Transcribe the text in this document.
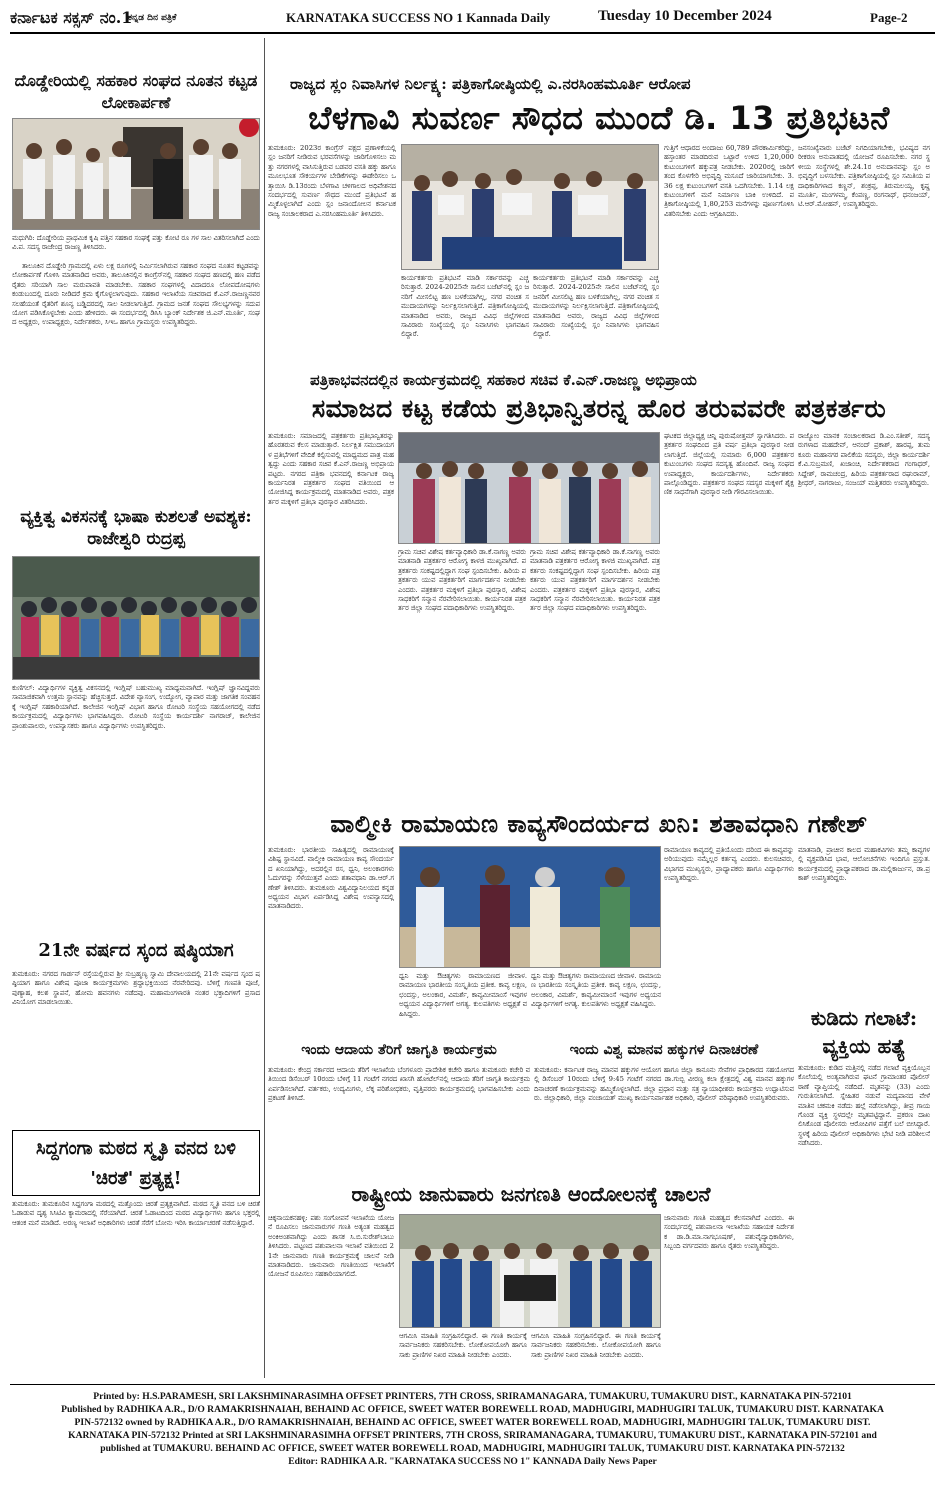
ಕರ್ನಾಟಕ ಸಕ್ಸಸ್ ನಂ.1
ಕನ್ನಡ ದಿನ ಪತ್ರಿಕೆ	KARNATAKA SUCCESS NO 1 Kannada Daily	Tuesday 10 December 2024	Page-2
ದೊಡ್ಡೇರಿಯಲ್ಲಿ ಸಹಕಾರ ಸಂಘದ ನೂತನ ಕಟ್ಟಡ ಲೋಕಾರ್ಪಣೆ
ಮಧುಗಿರಿ: ದೊಡ್ಡೇರಿಯ ಪ್ರಾಥಮಿಕ ಕೃಷಿ ಪತ್ತಿನ ಸಹಕಾರ ಸಂಘಕ್ಕೆ ಪತ್ತು ಕೋಟಿ ರೂ ಗಳ ಸಾಲ ವಿತರಿಸಲಾಗಿದೆ ಎಂದು ವಿ.ಪ. ಸದಸ್ಯ ರಾಜೇಂದ್ರ ರಾಜಣ್ಣ ತಿಳಿಸಿದರು.
ತಾಲೂಕಿನ ದೊಡ್ಡೇರಿ ಗ್ರಾಮದಲ್ಲಿ ಏಳು ಲಕ್ಷ ರೂಗಳಲ್ಲಿ ನಿರ್ಮಿಸಲಾಗಿರುವ ಸಹಕಾರ ಸಂಘದ ನೂತನ ಕಟ್ಟಡವನ್ನು ಲೋಕಾರ್ಪಣೆ ಗೊಳಿಸಿ ಮಾತನಾಡಿದ ಅವರು, ತಾಲೂಕಿನಲ್ಲಿನ ಕಾಂಗ್ರೆಸ್‌ನಲ್ಲಿ ಸಹಕಾರ ಸಂಘದ ಹಣದಲ್ಲಿ ಹಣ ಪಡೆದ ರೈತರು ಸರಿಯಾಗಿ ಸಾಲ ಮರುಪಾವತಿ ಮಾಡಬೇಕು. ಸಹಕಾರ ಸಂಘಗಳಲ್ಲಿ ವಿದಾದರೂ ಲೋಪದೋಷಗಳು ಕಂಡುಬಂದಲ್ಲಿ ದೂರು ನೀಡಿದರೆ ಕ್ರಮ ಕೈಗೊಳ್ಳಲಾಗುವುದು. ಸಹಕಾರ ಇಲಾಖೆಯ ಸಚಿವರಾದ ಕೆ.ಎನ್.ರಾಜಣ್ಣನವರ ಸಲಹೆಯಂತೆ ರೈತರಿಗೆ ಶೂನ್ಯ ಬಡ್ಡಿದರದಲ್ಲಿ ಸಾಲ ನೀಡಲಾಗುತ್ತಿದೆ. ಗ್ರಾಮದ ಜನತೆ ಸಂಘದ ಸೌಲಭ್ಯಗಳನ್ನು ಸದುಪಯೋಗ ಪಡಿಸಿಕೊಳ್ಳಬೇಕು ಎಂದು ಹೇಳಿದರು. ಈ ಸಂದರ್ಭದಲ್ಲಿ ಡಿಸಿಸಿ ಬ್ಯಾಂಕ್ ನಿರ್ದೇಶಕ ಜಿ.ಎನ್.ಮೂರ್ತಿ, ಸಂಘದ ಅಧ್ಯಕ್ಷರು, ಉಪಾಧ್ಯಕ್ಷರು, ನಿರ್ದೇಶಕರು, ಸಿಇಒ ಹಾಗೂ ಗ್ರಾಮಸ್ಥರು ಉಪಸ್ಥಿತರಿದ್ದರು.
ವ್ಯಕ್ತಿತ್ವ ವಿಕಸನಕ್ಕೆ ಭಾಷಾ ಕುಶಲತೆ ಅವಶ್ಯಕ: ರಾಜೇಶ್ವರಿ ರುದ್ರಪ್ಪ
ಕುಣಿಗಲ್: ವಿದ್ಯಾರ್ಥಿಗಳ ವ್ಯಕ್ತಿತ್ವ ವಿಕಸನದಲ್ಲಿ ಇಂಗ್ಲಿಷ್ ಬಹುಮುಖ್ಯ ಮಾಧ್ಯಮವಾಗಿದೆ. ಇಂಗ್ಲಿಷ್ ಜ್ಞಾನವಿದ್ದವರು ಸಾಮಾಜಿಕವಾಗಿ ಉತ್ತಮ ಸ್ಥಾನವನ್ನು ಹೆಚ್ಚಿಸುತ್ತದೆ. ವಿದೇಶ ವ್ಯಾಸಂಗ, ಉದ್ಯೋಗ, ವ್ಯಾಪಾರ ಮತ್ತು ಜಾಗತಿಕ ಸಂವಹನಕ್ಕೆ ಇಂಗ್ಲಿಷ್ ಸಹಕಾರಿಯಾಗಿದೆ. ಕಾಲೇಜಿನ ಇಂಗ್ಲಿಷ್ ವಿಭಾಗ ಹಾಗೂ ರೋಟರಿ ಸಂಸ್ಥೆಯ ಸಹಯೋಗದಲ್ಲಿ ನಡೆದ ಕಾರ್ಯಕ್ರಮದಲ್ಲಿ ವಿದ್ಯಾರ್ಥಿಗಳು ಭಾಗವಹಿಸಿದ್ದರು. ರೋಟರಿ ಸಂಸ್ಥೆಯ ಕಾರ್ಯದರ್ಶಿ ನಾಗರಾಜ್, ಕಾಲೇಜಿನ ಪ್ರಾಂಶುಪಾಲರು, ಉಪನ್ಯಾಸಕರು ಹಾಗೂ ವಿದ್ಯಾರ್ಥಿಗಳು ಉಪಸ್ಥಿತರಿದ್ದರು.
21ನೇ ವರ್ಷದ ಸ್ಕಂದ ಷಷ್ಠಿಯಾಗ
ತುಮಕೂರು: ನಗರದ ಗಾರ್ಡನ್ ರಸ್ತೆಯಲ್ಲಿರುವ ಶ್ರೀ ಸುಬ್ರಹ್ಮಣ್ಯ ಸ್ವಾಮಿ ದೇವಾಲಯದಲ್ಲಿ 21ನೇ ವರ್ಷದ ಸ್ಕಂದ ಷಷ್ಠಿಯಾಗ ಹಾಗೂ ವಿಶೇಷ ಪೂಜಾ ಕಾರ್ಯಕ್ರಮಗಳು ಶ್ರದ್ಧಾಭಕ್ತಿಯಿಂದ ನೆರವೇರಿದವು. ಬೆಳಿಗ್ಗೆ ಗಣಪತಿ ಪೂಜೆ, ಪುಣ್ಯಾಹ, ಕಲಶ ಸ್ಥಾಪನೆ, ಹೋಮ ಹವನಗಳು ನಡೆದವು. ಮಹಾಮಂಗಳಾರತಿ ನಂತರ ಭಕ್ತಾದಿಗಳಿಗೆ ಪ್ರಸಾದ ವಿನಿಯೋಗ ಮಾಡಲಾಯಿತು.
ಸಿದ್ದಗಂಗಾ ಮಠದ ಸ್ಮೃತಿ ವನದ ಬಳಿ 'ಚಿರತೆ' ಪ್ರತ್ಯಕ್ಷ!
ತುಮಕೂರು: ತುಮಕೂರಿನ ಸಿದ್ದಗಂಗಾ ಮಠದಲ್ಲಿ ಮತ್ತೊಂದು ಚಿರತೆ ಪ್ರತ್ಯಕ್ಷವಾಗಿದೆ. ಮಠದ ಸ್ಮೃತಿ ವನದ ಬಳಿ ಚಿರತೆ ಓಡಾಡುವ ದೃಶ್ಯ ಸಿಸಿಟಿವಿ ಕ್ಯಾಮರಾದಲ್ಲಿ ಸೆರೆಯಾಗಿದೆ. ಚಿರತೆ ಓಡಾಟದಿಂದ ಮಠದ ವಿದ್ಯಾರ್ಥಿಗಳು ಹಾಗೂ ಭಕ್ತರಲ್ಲಿ ಆತಂಕ ಮನೆ ಮಾಡಿದೆ. ಅರಣ್ಯ ಇಲಾಖೆ ಅಧಿಕಾರಿಗಳು ಚಿರತೆ ಸೆರೆಗೆ ಬೋನು ಇರಿಸಿ ಕಾರ್ಯಾಚರಣೆ ನಡೆಸುತ್ತಿದ್ದಾರೆ.
ರಾಜ್ಯದ ಸ್ಲಂ ನಿವಾಸಿಗಳ ನಿರ್ಲಕ್ಷ್ಯ: ಪತ್ರಿಕಾಗೋಷ್ಠಿಯಲ್ಲಿ ಎ.ನರಸಿಂಹಮೂರ್ತಿ ಆರೋಪ
ಬೆಳಗಾವಿ ಸುವರ್ಣ ಸೌಧದ ಮುಂದೆ ಡಿ. 13 ಪ್ರತಿಭಟನೆ
ತುಮಕೂರು: 2023ರ ಕಾಂಗ್ರೆಸ್ ಪಕ್ಷದ ಪ್ರಣಾಳಿಕೆಯಲ್ಲಿ ಸ್ಲಂ ಜನರಿಗೆ ನೀಡಿರುವ ಭರವಸೆಗಳನ್ನು ಜಾರಿಗೊಳಿಸಲು ಮತ್ತು ನಗರಗಳಲ್ಲಿ ವಾಸಿಸುತ್ತಿರುವ ಬಡವರ ವಸತಿ ಹಕ್ಕು ಹಾಗೂ ಮೂಲಭೂತ ಸೌಕರ್ಯಗಳ ಬೇಡಿಕೆಗಳನ್ನು ಈಡೇರಿಸಲು ಒತ್ತಾಯಿಸಿ ಡಿ.13ರಂದು ಬೆಳಗಾವಿ ಚಳಿಗಾಲದ ಅಧಿವೇಶನದ ಸಂದರ್ಭದಲ್ಲಿ ಸುವರ್ಣ ಸೌಧದ ಮುಂದೆ ಪ್ರತಿಭಟನೆ ಹಮ್ಮಿಕೊಳ್ಳಲಾಗಿದೆ ಎಂದು ಸ್ಲಂ ಜನಾಂದೋಲನ ಕರ್ನಾಟಕ ರಾಜ್ಯ ಸಂಚಾಲಕರಾದ ಎ.ನರಸಿಂಹಮೂರ್ತಿ ತಿಳಿಸಿದರು.
ಕಾರ್ಯಕರ್ತರು ಪ್ರತಿಭಟನೆ ಮಾಡಿ ಸರ್ಕಾರವನ್ನು ಎಚ್ಚರಿಸುತ್ತಾರೆ. 2024-2025ನೇ ಸಾಲಿನ ಬಜೆಟ್‌ನಲ್ಲಿ ಸ್ಲಂ ಜನರಿಗೆ ಮೀಸಲಿಟ್ಟ ಹಣ ಬಳಕೆಯಾಗಿಲ್ಲ, ನಗರ ವಂಚಿತ ಸಮುದಾಯಗಳನ್ನು ನಿರ್ಲಕ್ಷಿಸಲಾಗುತ್ತಿದೆ. ಪತ್ರಿಕಾಗೋಷ್ಠಿಯಲ್ಲಿ ಮಾತನಾಡಿದ ಅವರು, ರಾಜ್ಯದ ವಿವಿಧ ಜಿಲ್ಲೆಗಳಿಂದ ಸಾವಿರಾರು ಸಂಖ್ಯೆಯಲ್ಲಿ ಸ್ಲಂ ನಿವಾಸಿಗಳು ಭಾಗವಹಿಸಲಿದ್ದಾರೆ.
ಕಾರ್ಯಕರ್ತರು ಪ್ರತಿಭಟನೆ ಮಾಡಿ ಸರ್ಕಾರವನ್ನು ಎಚ್ಚರಿಸುತ್ತಾರೆ. 2024-2025ನೇ ಸಾಲಿನ ಬಜೆಟ್‌ನಲ್ಲಿ ಸ್ಲಂ ಜನರಿಗೆ ಮೀಸಲಿಟ್ಟ ಹಣ ಬಳಕೆಯಾಗಿಲ್ಲ, ನಗರ ವಂಚಿತ ಸಮುದಾಯಗಳನ್ನು ನಿರ್ಲಕ್ಷಿಸಲಾಗುತ್ತಿದೆ. ಪತ್ರಿಕಾಗೋಷ್ಠಿಯಲ್ಲಿ ಮಾತನಾಡಿದ ಅವರು, ರಾಜ್ಯದ ವಿವಿಧ ಜಿಲ್ಲೆಗಳಿಂದ ಸಾವಿರಾರು ಸಂಖ್ಯೆಯಲ್ಲಿ ಸ್ಲಂ ನಿವಾಸಿಗಳು ಭಾಗವಹಿಸಲಿದ್ದಾರೆ.
ಗುತ್ತಿಗೆ ಆಧಾರದ ಅಂದಾಜು 60,789 ಪೌರಕಾರ್ಮಿಕರಿದ್ದು, ಹಸ್ತಾಂತರ ಮಾಡದಿರುವ ಒಟ್ಟಾರೆ ಉಳಿದ 1,20,000 ಕುಟುಂಬಗಳಿಗೆ ಹಕ್ಕುಪತ್ರ ನೀಡಬೇಕು. 2020ರಲ್ಲಿ ಜಾರಿಗೆ ತಂದ ಕೊಳಗೇರಿ ಅಭಿವೃದ್ಧಿ ಮಸೂದೆ ಜಾರಿಯಾಗಬೇಕು. 3.36 ಲಕ್ಷ ಕುಟುಂಬಗಳಿಗೆ ವಸತಿ ಒದಗಿಸಬೇಕು. 1.14 ಲಕ್ಷ ಕುಟುಂಬಗಳಿಗೆ ಮನೆ ನಿರ್ಮಾಣ ಬಾಕಿ ಉಳಿದಿದೆ. ಪತ್ರಿಕಾಗೋಷ್ಠಿಯಲ್ಲಿ 1,80,253 ಮನೆಗಳನ್ನು ಪೂರ್ಣಗೊಳಿಸಿ ವಿತರಿಸಬೇಕು ಎಂದು ಆಗ್ರಹಿಸಿದರು.
ಜನಸಂಖ್ಯೆವಾರು ಬಜೆಟ್ ನಿಗದಿಯಾಗಬೇಕು, ಭವಿಷ್ಯದ ನಗರೀಕರಣ ಅನುಪಾತದಲ್ಲಿ ಯೋಜನೆ ರೂಪಿಸಬೇಕು. ನಗರ ಸ್ಥಳೀಯ ಸಂಸ್ಥೆಗಳಲ್ಲಿ ಶೇ.24.1ರ ಅನುದಾನವನ್ನು ಸ್ಲಂ ಅಭಿವೃದ್ಧಿಗೆ ಬಳಸಬೇಕು. ಪತ್ರಿಕಾಗೋಷ್ಠಿಯಲ್ಲಿ ಸ್ಲಂ ಸಮಿತಿಯ ಪದಾಧಿಕಾರಿಗಳಾದ ಕಣ್ಣನ್, ಶಂಕ್ರಪ್ಪ, ತಿರುಮಲಯ್ಯ, ಕೃಷ್ಣಮೂರ್ತಿ, ಮಂಗಳಮ್ಮ, ಕೆಂಪಣ್ಣ, ರಂಗನಾಥ್, ಧನಂಜಯ್, ಟಿ.ಆರ್.ಮೋಹನ್, ಉಪಸ್ಥಿತರಿದ್ದರು.
ಪತ್ರಿಕಾಭವನದಲ್ಲಿನ ಕಾರ್ಯಕ್ರಮದಲ್ಲಿ ಸಹಕಾರ ಸಚಿವ ಕೆ.ಎನ್.ರಾಜಣ್ಣ ಅಭಿಪ್ರಾಯ
ಸಮಾಜದ ಕಟ್ಟ ಕಡೆಯ ಪ್ರತಿಭಾನ್ವಿತರನ್ನ ಹೊರ ತರುವವರೇ ಪತ್ರಕರ್ತರು
ತುಮಕೂರು: ಸಮಾಜದಲ್ಲಿ ಪತ್ರಕರ್ತರು ಪ್ರತಿಭಾನ್ವಿತರನ್ನು ಹೊರತರುವ ಕೆಲಸ ಮಾಡುತ್ತಾರೆ. ನಿರ್ಲಕ್ಷಿತ ಸಮುದಾಯಗಳ ಪ್ರತಿಭೆಗಳಿಗೆ ವೇದಿಕೆ ಕಲ್ಪಿಸುವಲ್ಲಿ ಮಾಧ್ಯಮದ ಪಾತ್ರ ಮಹತ್ವದ್ದು ಎಂದು ಸಹಕಾರ ಸಚಿವ ಕೆ.ಎನ್.ರಾಜಣ್ಣ ಅಭಿಪ್ರಾಯಪಟ್ಟರು. ನಗರದ ಪತ್ರಿಕಾ ಭವನದಲ್ಲಿ ಕರ್ನಾಟಕ ರಾಜ್ಯ ಕಾರ್ಯನಿರತ ಪತ್ರಕರ್ತರ ಸಂಘದ ವತಿಯಿಂದ ಆಯೋಜಿಸಿದ್ದ ಕಾರ್ಯಕ್ರಮದಲ್ಲಿ ಮಾತನಾಡಿದ ಅವರು, ಪತ್ರಕರ್ತರ ಮಕ್ಕಳಿಗೆ ಪ್ರತಿಭಾ ಪುರಸ್ಕಾರ ವಿತರಿಸಿದರು.
ಗ್ರಾಮ ಸಚಿವ ವಿಶೇಷ ಕರ್ತವ್ಯಾಧಿಕಾರಿ ಡಾ.ಕೆ.ನಾಗಣ್ಣ ಅವರು ಮಾತನಾಡಿ ಪತ್ರಕರ್ತರ ಆರೋಗ್ಯ ಕಾಳಜಿ ಮುಖ್ಯವಾಗಿದೆ. ಪತ್ರಕರ್ತರು ಸಂಕಷ್ಟದಲ್ಲಿದ್ದಾಗ ಸಂಘ ಸ್ಪಂದಿಸಬೇಕು. ಹಿರಿಯ ಪತ್ರಕರ್ತರು ಯುವ ಪತ್ರಕರ್ತರಿಗೆ ಮಾರ್ಗದರ್ಶನ ನೀಡಬೇಕು ಎಂದರು. ಪತ್ರಕರ್ತರ ಮಕ್ಕಳಿಗೆ ಪ್ರತಿಭಾ ಪುರಸ್ಕಾರ, ವಿಶೇಷ ಸಾಧಕರಿಗೆ ಸನ್ಮಾನ ನೆರವೇರಿಸಲಾಯಿತು. ಕಾರ್ಯನಿರತ ಪತ್ರಕರ್ತರ ಜಿಲ್ಲಾ ಸಂಘದ ಪದಾಧಿಕಾರಿಗಳು ಉಪಸ್ಥಿತರಿದ್ದರು.
ಗ್ರಾಮ ಸಚಿವ ವಿಶೇಷ ಕರ್ತವ್ಯಾಧಿಕಾರಿ ಡಾ.ಕೆ.ನಾಗಣ್ಣ ಅವರು ಮಾತನಾಡಿ ಪತ್ರಕರ್ತರ ಆರೋಗ್ಯ ಕಾಳಜಿ ಮುಖ್ಯವಾಗಿದೆ. ಪತ್ರಕರ್ತರು ಸಂಕಷ್ಟದಲ್ಲಿದ್ದಾಗ ಸಂಘ ಸ್ಪಂದಿಸಬೇಕು. ಹಿರಿಯ ಪತ್ರಕರ್ತರು ಯುವ ಪತ್ರಕರ್ತರಿಗೆ ಮಾರ್ಗದರ್ಶನ ನೀಡಬೇಕು ಎಂದರು. ಪತ್ರಕರ್ತರ ಮಕ್ಕಳಿಗೆ ಪ್ರತಿಭಾ ಪುರಸ್ಕಾರ, ವಿಶೇಷ ಸಾಧಕರಿಗೆ ಸನ್ಮಾನ ನೆರವೇರಿಸಲಾಯಿತು. ಕಾರ್ಯನಿರತ ಪತ್ರಕರ್ತರ ಜಿಲ್ಲಾ ಸಂಘದ ಪದಾಧಿಕಾರಿಗಳು ಉಪಸ್ಥಿತರಿದ್ದರು.
ಘಟಕದ ಜಿಲ್ಲಾಧ್ಯಕ್ಷ ಚಿನ್ನಿ ಪುರುಷೋತ್ತಮ್ ಸ್ವಾಗತಿಸಿದರು. ಪತ್ರಕರ್ತರ ಸಂಘದಿಂದ ಪ್ರತಿ ವರ್ಷ ಪ್ರತಿಭಾ ಪುರಸ್ಕಾರ ನೀಡಲಾಗುತ್ತಿದೆ. ಜಿಲ್ಲೆಯಲ್ಲಿ ಸುಮಾರು 6,000 ಪತ್ರಕರ್ತರ ಕುಟುಂಬಗಳು ಸಂಘದ ಸದಸ್ಯತ್ವ ಹೊಂದಿವೆ. ರಾಜ್ಯ ಸಂಘದ ಉಪಾಧ್ಯಕ್ಷರು, ಕಾರ್ಯದರ್ಶಿಗಳು, ನಿರ್ದೇಶಕರು ಪಾಲ್ಗೊಂಡಿದ್ದರು. ಪತ್ರಕರ್ತರ ಸಂಘದ ಸದಸ್ಯರ ಮಕ್ಕಳಿಗೆ ಶೈಕ್ಷಣಿಕ ಸಾಧನೆಗಾಗಿ ಪುರಸ್ಕಾರ ನೀಡಿ ಗೌರವಿಸಲಾಯಿತು.
ರಾಜ್ಯೋಂ ಮಾನಕ ಸಂಚಾಲಕರಾದ ಡಿ.ಎಂ.ಸತೀಶ್, ಸದಸ್ಯರುಗಳಾದ ಮಹದೇವ್, ಆನಂದ್ ಪ್ರಕಾಶ್, ಹಾರಪ್ಪ, ತುಮಕೂರು ಮಹಾನಗರ ಪಾಲಿಕೆಯ ಸದಸ್ಯರು, ಜಿಲ್ಲಾ ಕಾರ್ಯದರ್ಶಿ ಕೆ.ವಿ.ಸುಬ್ರಮಣಿ, ಖಜಾಂಚಿ, ನಿರ್ದೇಶಕರಾದ ಗಂಗಾಧರ್, ಸಿದ್ದೇಶ್, ರಾಮಚಂದ್ರ, ಹಿರಿಯ ಪತ್ರಕರ್ತರಾದ ರಘುರಾಮ್, ಶ್ರೀಧರ್, ನಾಗರಾಜು, ಸಂಜಯ್ ಮತ್ತಿತರರು ಉಪಸ್ಥಿತರಿದ್ದರು.
ವಾಲ್ಮೀಕಿ ರಾಮಾಯಣ ಕಾವ್ಯಸೌಂದರ್ಯದ ಖನಿ: ಶತಾವಧಾನಿ ಗಣೇಶ್
ತುಮಕೂರು: ಭಾರತೀಯ ಸಾಹಿತ್ಯದಲ್ಲಿ ರಾಮಾಯಣಕ್ಕೆ ವಿಶಿಷ್ಟ ಸ್ಥಾನವಿದೆ. ವಾಲ್ಮೀಕಿ ರಾಮಾಯಣ ಕಾವ್ಯ ಸೌಂದರ್ಯದ ಖನಿಯಾಗಿದ್ದು, ಅದರಲ್ಲಿನ ರಸ, ಧ್ವನಿ, ಅಲಂಕಾರಗಳು ಓದುಗರನ್ನು ಸೆಳೆಯುತ್ತವೆ ಎಂದು ಶತಾವಧಾನಿ ಡಾ.ಆರ್.ಗಣೇಶ್ ತಿಳಿಸಿದರು. ತುಮಕೂರು ವಿಶ್ವವಿದ್ಯಾನಿಲಯದ ಕನ್ನಡ ಅಧ್ಯಯನ ವಿಭಾಗ ಏರ್ಪಡಿಸಿದ್ದ ವಿಶೇಷ ಉಪನ್ಯಾಸದಲ್ಲಿ ಮಾತನಾಡಿದರು.
ಧ್ವನಿ ಮತ್ತು ಔಚಿತ್ಯಗಳು ರಾಮಾಯಣದ ಜೀವಾಳ. ರಾಮಾಯಣ ಭಾರತೀಯ ಸಂಸ್ಕೃತಿಯ ಪ್ರತೀಕ. ಕಾವ್ಯ ಲಕ್ಷಣ, ಛಂದಸ್ಸು, ಅಲಂಕಾರ, ವಿಮರ್ಶೆ, ಕಾವ್ಯಮೀಮಾಂಸೆ ಇವುಗಳ ಅಧ್ಯಯನ ವಿದ್ಯಾರ್ಥಿಗಳಿಗೆ ಅಗತ್ಯ. ಕುಲಪತಿಗಳು ಅಧ್ಯಕ್ಷತೆ ವಹಿಸಿದ್ದರು.
ಧ್ವನಿ ಮತ್ತು ಔಚಿತ್ಯಗಳು ರಾಮಾಯಣದ ಜೀವಾಳ. ರಾಮಾಯಣ ಭಾರತೀಯ ಸಂಸ್ಕೃತಿಯ ಪ್ರತೀಕ. ಕಾವ್ಯ ಲಕ್ಷಣ, ಛಂದಸ್ಸು, ಅಲಂಕಾರ, ವಿಮರ್ಶೆ, ಕಾವ್ಯಮೀಮಾಂಸೆ ಇವುಗಳ ಅಧ್ಯಯನ ವಿದ್ಯಾರ್ಥಿಗಳಿಗೆ ಅಗತ್ಯ. ಕುಲಪತಿಗಳು ಅಧ್ಯಕ್ಷತೆ ವಹಿಸಿದ್ದರು.
ರಾಮಾಯಣ ಕಾವ್ಯದಲ್ಲಿ ಪ್ರತಿಯೊಂದು ದರಿಂದ ಈ ಕಾವ್ಯವನ್ನು ಅರಿಯುವುದು ನಮ್ಮೆಲ್ಲರ ಕರ್ತವ್ಯ ಎಂದರು. ಕುಲಸಚಿವರು, ವಿಭಾಗದ ಮುಖ್ಯಸ್ಥರು, ಪ್ರಾಧ್ಯಾಪಕರು ಹಾಗೂ ವಿದ್ಯಾರ್ಥಿಗಳು ಉಪಸ್ಥಿತರಿದ್ದರು.
ಮಾತನಾಡಿ, ಪ್ರಾಚೀನ ಕಾಲದ ಮಹಾಕವಿಗಳು ತಮ್ಮ ಕಾವ್ಯಗಳಲ್ಲಿ ವ್ಯಕ್ತಪಡಿಸಿದ ಭಾವ, ಆಲೋಚನೆಗಳು ಇಂದಿಗೂ ಪ್ರಸ್ತುತ. ಕಾರ್ಯಕ್ರಮದಲ್ಲಿ ಪ್ರಾಧ್ಯಾಪಕರಾದ ಡಾ.ಮಲ್ಲಿಕಾರ್ಜುನ, ಡಾ.ಪ್ರಕಾಶ್ ಉಪಸ್ಥಿತರಿದ್ದರು.
ಇಂದು ಆದಾಯ ತೆರಿಗೆ ಜಾಗೃತಿ ಕಾರ್ಯಕ್ರಮ
ತುಮಕೂರು: ಕೇಂದ್ರ ಸರ್ಕಾರದ ಆದಾಯ ತೆರಿಗೆ ಇಲಾಖೆಯ ಬೆಂಗಳೂರು ಪ್ರಾದೇಶಿಕ ಕಚೇರಿ ಹಾಗೂ ತುಮಕೂರು ಕಚೇರಿ ವತಿಯಿಂದ ಡಿಸೆಂಬರ್ 10ರಂದು ಬೆಳಿಗ್ಗೆ 11 ಗಂಟೆಗೆ ನಗರದ ಖಾಸಗಿ ಹೋಟೆಲ್‌ನಲ್ಲಿ ಆದಾಯ ತೆರಿಗೆ ಜಾಗೃತಿ ಕಾರ್ಯಕ್ರಮ ಏರ್ಪಡಿಸಲಾಗಿದೆ. ವರ್ತಕರು, ಉದ್ಯಮಿಗಳು, ಲೆಕ್ಕ ಪರಿಶೋಧಕರು, ವೃತ್ತಿಪರರು ಕಾರ್ಯಕ್ರಮದಲ್ಲಿ ಭಾಗವಹಿಸಬೇಕು ಎಂದು ಪ್ರಕಟಣೆ ತಿಳಿಸಿದೆ.
ಇಂದು ವಿಶ್ವ ಮಾನವ ಹಕ್ಕುಗಳ ದಿನಾಚರಣೆ
ತುಮಕೂರು: ಕರ್ನಾಟಕ ರಾಜ್ಯ ಮಾನವ ಹಕ್ಕುಗಳ ಆಯೋಗ ಹಾಗೂ ಜಿಲ್ಲಾ ಕಾನೂನು ಸೇವೆಗಳ ಪ್ರಾಧಿಕಾರದ ಸಹಯೋಗದಲ್ಲಿ ಡಿಸೆಂಬರ್ 10ರಂದು ಬೆಳಿಗ್ಗೆ 9:45 ಗಂಟೆಗೆ ನಗರದ ಡಾ.ಗುಬ್ಬಿ ವೀರಣ್ಣ ಕಲಾ ಕ್ಷೇತ್ರದಲ್ಲಿ ವಿಶ್ವ ಮಾನವ ಹಕ್ಕುಗಳ ದಿನಾಚರಣೆ ಕಾರ್ಯಕ್ರಮವನ್ನು ಹಮ್ಮಿಕೊಳ್ಳಲಾಗಿದೆ. ಜಿಲ್ಲಾ ಪ್ರಧಾನ ಮತ್ತು ಸತ್ರ ನ್ಯಾಯಾಧೀಶರು ಕಾರ್ಯಕ್ರಮ ಉದ್ಘಾಟಿಸುವರು. ಜಿಲ್ಲಾಧಿಕಾರಿ, ಜಿಲ್ಲಾ ಪಂಚಾಯತ್ ಮುಖ್ಯ ಕಾರ್ಯನಿರ್ವಾಹಕ ಅಧಿಕಾರಿ, ಪೊಲೀಸ್ ವರಿಷ್ಠಾಧಿಕಾರಿ ಉಪಸ್ಥಿತರಿರುವರು.
ಕುಡಿದು ಗಲಾಟೆ: ವ್ಯಕ್ತಿಯ ಹತ್ಯೆ
ತುಮಕೂರು: ಕುಡಿದ ಮತ್ತಿನಲ್ಲಿ ನಡೆದ ಗಲಾಟೆ ವ್ಯಕ್ತಿಯೊಬ್ಬನ ಕೊಲೆಯಲ್ಲಿ ಅಂತ್ಯವಾಗಿರುವ ಘಟನೆ ಗ್ರಾಮಾಂತರ ಪೊಲೀಸ್ ಠಾಣೆ ವ್ಯಾಪ್ತಿಯಲ್ಲಿ ನಡೆದಿದೆ. ಮೃತನನ್ನು (33) ಎಂದು ಗುರುತಿಸಲಾಗಿದೆ. ಸ್ನೇಹಿತರ ನಡುವೆ ಮದ್ಯಪಾನದ ವೇಳೆ ಮಾತಿನ ಚಕಮಕಿ ನಡೆದು ಹಲ್ಲೆ ನಡೆಸಲಾಗಿದ್ದು, ತೀವ್ರ ಗಾಯಗೊಂಡ ವ್ಯಕ್ತಿ ಸ್ಥಳದಲ್ಲೇ ಮೃತಪಟ್ಟಿದ್ದಾನೆ. ಪ್ರಕರಣ ದಾಖಲಿಸಿಕೊಂಡ ಪೊಲೀಸರು ಆರೋಪಿಗಳ ಪತ್ತೆಗೆ ಬಲೆ ಬೀಸಿದ್ದಾರೆ. ಸ್ಥಳಕ್ಕೆ ಹಿರಿಯ ಪೊಲೀಸ್ ಅಧಿಕಾರಿಗಳು ಭೇಟಿ ನೀಡಿ ಪರಿಶೀಲನೆ ನಡೆಸಿದರು.
ರಾಷ್ಟ್ರೀಯ ಜಾನುವಾರು ಜನಗಣತಿ ಆಂದೋಲನಕ್ಕೆ ಚಾಲನೆ
ಚಿಕ್ಕನಾಯಕನಹಳ್ಳಿ: ಪಶು ಸಂಗೋಪನೆ ಇಲಾಖೆಯ ಯೋಜನೆ ರೂಪಿಸಲು ಜಾನುವಾರುಗಳ ಗಣತಿ ಅತ್ಯಂತ ಮಹತ್ವದ ಅಂಕಿಅಂಶವಾಗಿದ್ದು ಎಂದು ಶಾಸಕ ಸಿ.ಬಿ.ಸುರೇಶ್‌ಬಾಬು ತಿಳಿಸಿದರು. ಪಟ್ಟಣದ ಪಶುಪಾಲನಾ ಇಲಾಖೆ ವತಿಯಿಂದ 21ನೇ ಜಾನುವಾರು ಗಣತಿ ಕಾರ್ಯಕ್ರಮಕ್ಕೆ ಚಾಲನೆ ನೀಡಿ ಮಾತನಾಡಿದರು. ಜಾನುವಾರು ಗಣತಿಯಿಂದ ಇಲಾಖೆಗೆ ಯೋಜನೆ ರೂಪಿಸಲು ಸಹಕಾರಿಯಾಗಲಿದೆ.
ಆಗಮಿಸಿ ಮಾಹಿತಿ ಸಂಗ್ರಹಿಸಲಿದ್ದಾರೆ. ಈ ಗಣತಿ ಕಾರ್ಯಕ್ಕೆ ಸಾರ್ವಜನಿಕರು ಸಹಕರಿಸಬೇಕು. ಲೋಕೋಪಯೋಗಿ ಹಾಗೂ ಸಾಕು ಪ್ರಾಣಿಗಳ ನಿಖರ ಮಾಹಿತಿ ನೀಡಬೇಕು ಎಂದರು.
ಆಗಮಿಸಿ ಮಾಹಿತಿ ಸಂಗ್ರಹಿಸಲಿದ್ದಾರೆ. ಈ ಗಣತಿ ಕಾರ್ಯಕ್ಕೆ ಸಾರ್ವಜನಿಕರು ಸಹಕರಿಸಬೇಕು. ಲೋಕೋಪಯೋಗಿ ಹಾಗೂ ಸಾಕು ಪ್ರಾಣಿಗಳ ನಿಖರ ಮಾಹಿತಿ ನೀಡಬೇಕು ಎಂದರು.
ಜಾನುವಾರು ಗಣತಿ ಮಹತ್ವದ ಕೆಲಸವಾಗಿದೆ ಎಂದರು. ಈ ಸಂದರ್ಭದಲ್ಲಿ ಪಶುಪಾಲನಾ ಇಲಾಖೆಯ ಸಹಾಯಕ ನಿರ್ದೇಶಕ ಡಾ.ಡಿ.ಮಾ.ನಾಗಭೂಷಣ್, ಪಶುವೈದ್ಯಾಧಿಕಾರಿಗಳು, ಸಿಬ್ಬಂದಿ ವರ್ಗದವರು ಹಾಗೂ ರೈತರು ಉಪಸ್ಥಿತರಿದ್ದರು.
Printed by: H.S.PARAMESH, SRI LAKSHMINARASIMHA OFFSET PRINTERS, 7TH CROSS, SRIRAMANAGARA, TUMAKURU, TUMAKURU DIST., KARNATAKA PIN-572101
Published by RADHIKA A.R., D/O RAMAKRISHNAIAH, BEHAIND AC OFFICE, SWEET WATER BOREWELL ROAD, MADHUGIRI, MADHUGIRI TALUK, TUMAKURU DIST. KARNATAKA
PIN-572132 owned by RADHIKA A.R., D/O RAMAKRISHNAIAH, BEHAIND AC OFFICE, SWEET WATER BOREWELL ROAD, MADHUGIRI, MADHUGIRI TALUK, TUMAKURU DIST.
KARNATAKA PIN-572132 Printed at SRI LAKSHMINARASIMHA OFFSET PRINTERS, 7TH CROSS, SRIRAMANAGARA, TUMAKURU, TUMAKURU DIST., KARNATAKA PIN-572101 and
published at TUMAKURU. BEHAIND AC OFFICE, SWEET WATER BOREWELL ROAD, MADHUGIRI, MADHUGIRI TALUK, TUMAKURU DIST. KARNATAKA PIN-572132
Editor: RADHIKA A.R. "KARNATAKA SUCCESS NO 1" KANNADA Daily News Paper
